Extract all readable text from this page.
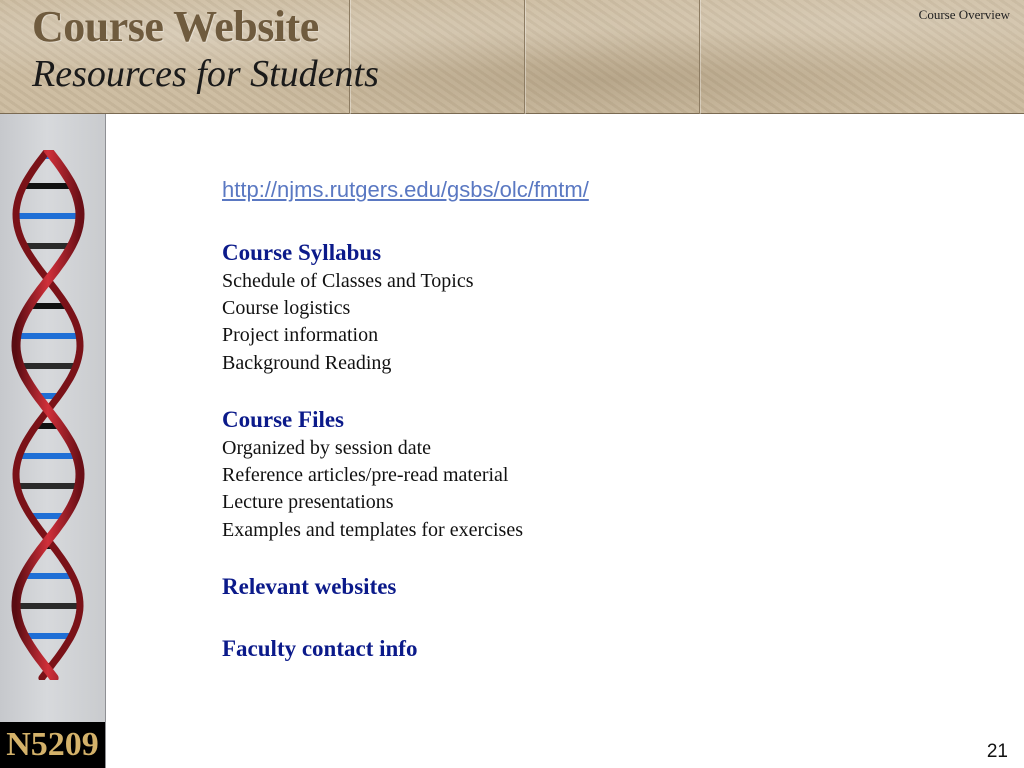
Course Website
Resources for Students
Course Overview
N5209
http://njms.rutgers.edu/gsbs/olc/fmtm/
Course Syllabus
Schedule of Classes and Topics
Course logistics
Project information
Background Reading
Course Files
Organized by session date
Reference articles/pre-read material
Lecture presentations
Examples and templates for exercises
Relevant websites
Faculty contact info
21
